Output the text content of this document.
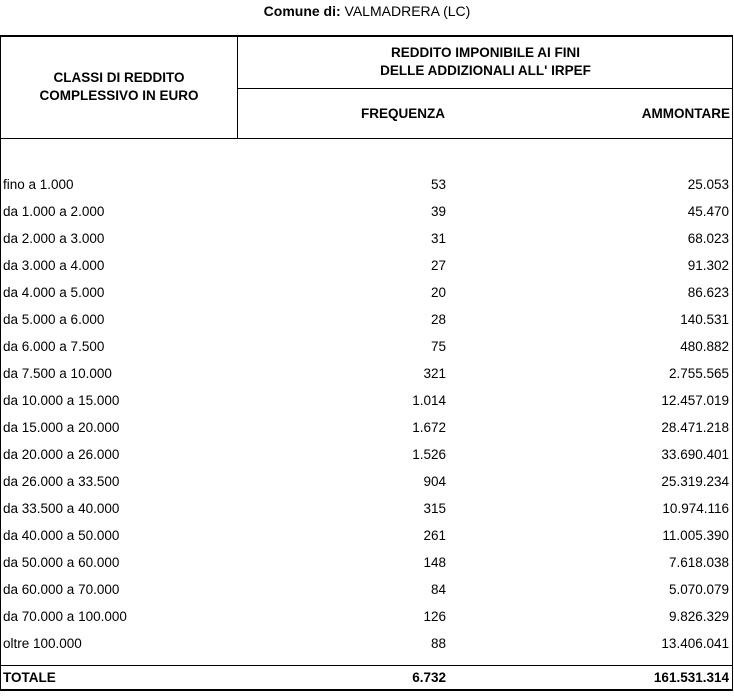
Comune di: VALMADRERA (LC)
CLASSI DI REDDITO
COMPLESSIVO IN EURO
REDDITO IMPONIBILE AI FINI
DELLE ADDIZIONALI ALL' IRPEF
FREQUENZA	AMMONTARE
fino a 1.000	53	25.053
da 1.000 a 2.000	39	45.470
da 2.000 a 3.000	31	68.023
da 3.000 a 4.000	27	91.302
da 4.000 a 5.000	20	86.623
da 5.000 a 6.000	28	140.531
da 6.000 a 7.500	75	480.882
da 7.500 a 10.000	321	2.755.565
da 10.000 a 15.000	1.014	12.457.019
da 15.000 a 20.000	1.672	28.471.218
da 20.000 a 26.000	1.526	33.690.401
da 26.000 a 33.500	904	25.319.234
da 33.500 a 40.000	315	10.974.116
da 40.000 a 50.000	261	11.005.390
da 50.000 a 60.000	148	7.618.038
da 60.000 a 70.000	84	5.070.079
da 70.000 a 100.000	126	9.826.329
oltre 100.000	88	13.406.041
TOTALE	6.732	161.531.314
